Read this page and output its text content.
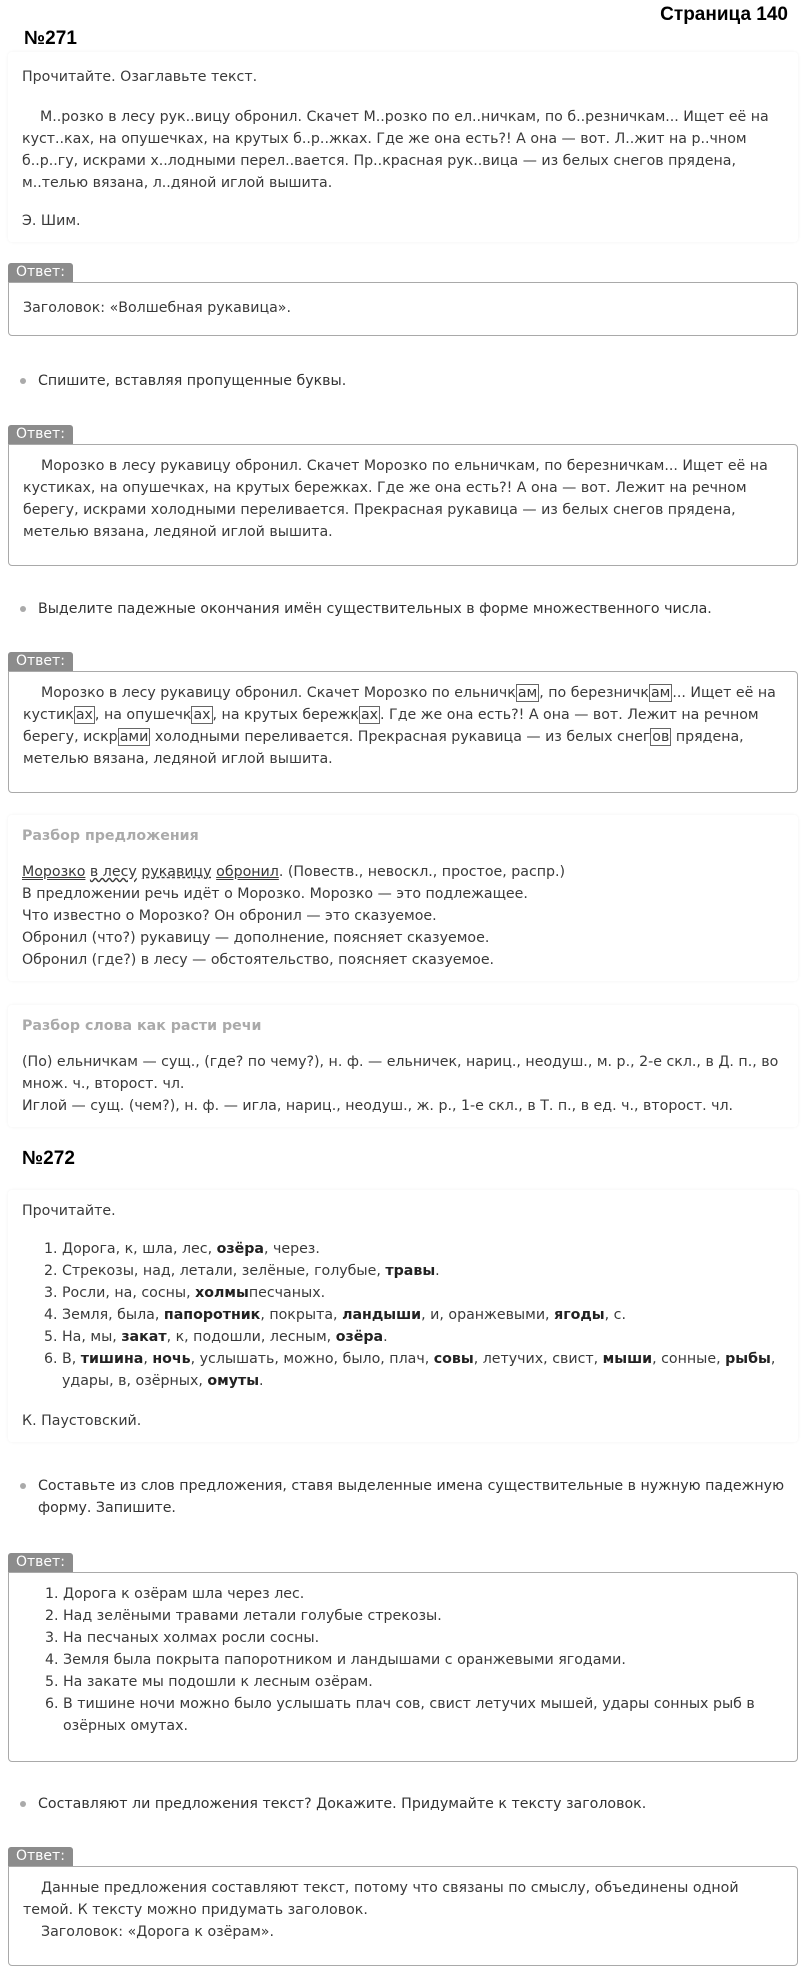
Страница 140
№271

Прочитайте. Озаглавьте текст.

М..розко в лесу рук..вицу обронил. Скачет М..розко по ел..ничкам, по б..резничкам... Ищет её на куст..ках, на опушечках, на крутых б..р..жках. Где же она есть?! А она — вот. Л..жит на р..чном б..р..гу, искрами х..лодными перел..вается. Пр..красная рук..вица — из белых снегов прядена, м..телью вязана, л..дяной иглой вышита.

Э. Шим.

Ответ:

Заголовок: «Волшебная рукавица».

Спишите, вставляя пропущенные буквы.
Ответ:

Морозко в лесу рукавицу обронил. Скачет Морозко по ельничкам, по березничкам... Ищет её на кустиках, на опушечках, на крутых бережках. Где же она есть?! А она — вот. Лежит на речном берегу, искрами холодными переливается. Прекрасная рукавица — из белых снегов прядена, метелью вязана, ледяной иглой вышита.

Выделите падежные окончания имён существительных в форме множественного числа.
Ответ:

Морозко в лесу рукавицу обронил. Скачет Морозко по ельничк ам , по березничк ам ... Ищет её на кустик ах , на опушечк ах , на крутых бережк ах . Где же она есть?! А она — вот. Лежит на речном берегу, искр ами холодными переливается. Прекрасная рукавица — из белых снег ов прядена, метелью вязана, ледяной иглой вышита.

Разбор предложения

Морозко в лесу рукавицу обронил. (Повеств., невоскл., простое, распр.)

В предложении речь идёт о Морозко. Морозко — это подлежащее.

Что известно о Морозко? Он обронил — это сказуемое.

Обронил (что?) рукавицу — дополнение, поясняет сказуемое.

Обронил (где?) в лесу — обстоятельство, поясняет сказуемое.

Разбор слова как расти речи

(По) ельничкам — сущ., (где? по чему?), н. ф. — ельничек, нариц., неодуш., м. р., 2-е скл., в Д. п., во множ. ч., второст. чл.

Иглой — сущ. (чем?), н. ф. — игла, нариц., неодуш., ж. р., 1-е скл., в Т. п., в ед. ч., второст. чл.

№272

Прочитайте.

1. Дорога, к, шла, лес, озёра, через.
2. Стрекозы, над, летали, зелёные, голубые, травы.
3. Росли, на, сосны, холмыпесчаных.
4. Земля, была, папоротник, покрыта, ландыши, и, оранжевыми, ягоды, с.
5. На, мы, закат, к, подошли, лесным, озёра.
6. В, тишина, ночь, услышать, можно, было, плач, совы, летучих, свист, мыши, сонные, рыбы, удары, в, озёрных, омуты.

К. Паустовский.

Составьте из слов предложения, ставя выделенные имена существительные в нужную падежную форму. Запишите.
Ответ:
1. Дорога к озёрам шла через лес.
2. Над зелёными травами летали голубые стрекозы.
3. На песчаных холмах росли сосны.
4. Земля была покрыта папоротником и ландышами с оранжевыми ягодами.
5. На закате мы подошли к лесным озёрам.
6. В тишине ночи можно было услышать плач сов, свист летучих мышей, удары сонных рыб в озёрных омутах.
Составляют ли предложения текст? Докажите. Придумайте к тексту заголовок.
Ответ:

Данные предложения составляют текст, потому что связаны по смыслу, объединены одной темой. К тексту можно придумать заголовок.

Заголовок: «Дорога к озёрам».
